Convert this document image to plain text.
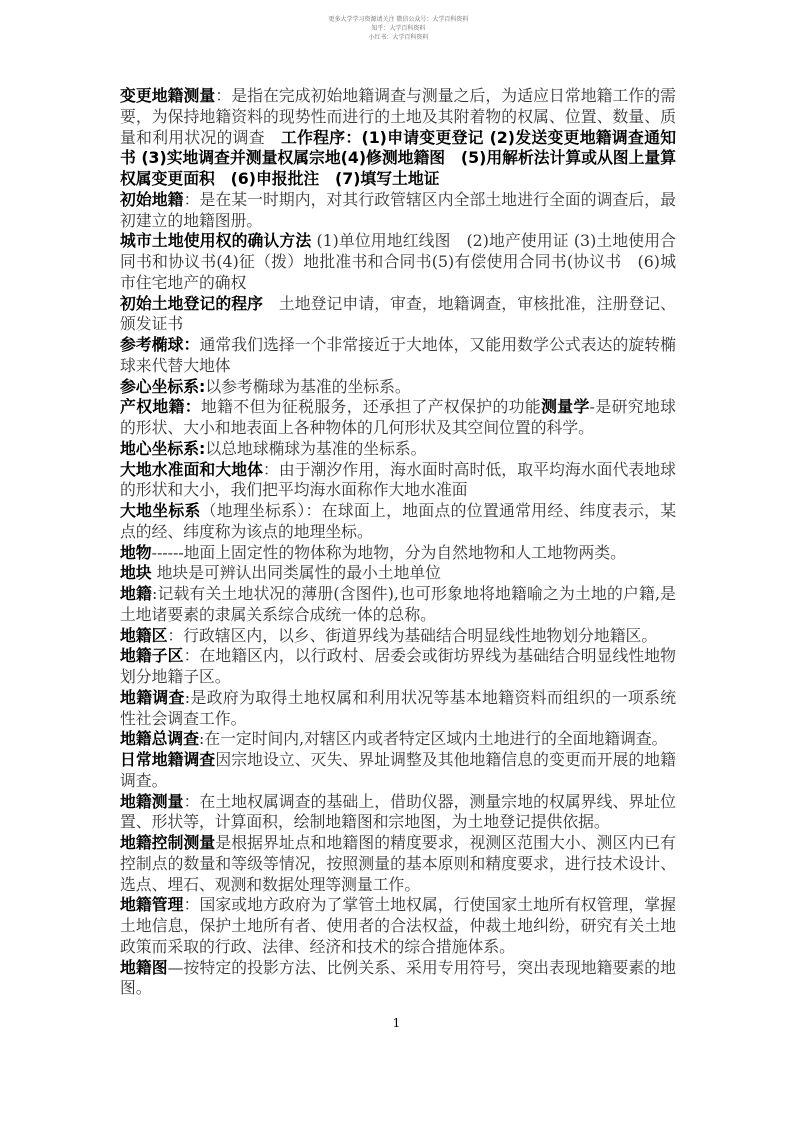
更多大学学习资源请关注 微信公众号：大学百科资料
知乎：大学百科资料
小红书：大学百科资料

变更地籍测量：是指在完成初始地籍调查与测量之后，为适应日常地籍工作的需要，为保持地籍资料的现势性而进行的土地及其附着物的权属、位置、数量、质量和利用状况的调查　工作程序：(1)申请变更登记 (2)发送变更地籍调查通知书 (3)实地调查并测量权属宗地(4)修测地籍图　(5)用解析法计算或从图上量算权属变更面积　(6)申报批注　(7)填写土地证

初始地籍：是在某一时期内，对其行政管辖区内全部土地进行全面的调查后，最初建立的地籍图册。

城市土地使用权的确认方法 (1)单位用地红线图　(2)地产使用证 (3)土地使用合同书和协议书(4)征（拨）地批准书和合同书(5)有偿使用合同书(协议书　(6)城市住宅地产的确权

初始土地登记的程序　土地登记申请，审查，地籍调查，审核批准，注册登记、颁发证书

参考椭球：通常我们选择一个非常接近于大地体，又能用数学公式表达的旋转椭球来代替大地体

参心坐标系:以参考椭球为基准的坐标系。

产权地籍：地籍不但为征税服务，还承担了产权保护的功能测量学-是研究地球的形状、大小和地表面上各种物体的几何形状及其空间位置的科学。

地心坐标系:以总地球椭球为基准的坐标系。

大地水准面和大地体：由于潮汐作用，海水面时高时低，取平均海水面代表地球的形状和大小，我们把平均海水面称作大地水准面

大地坐标系（地理坐标系）：在球面上，地面点的位置通常用经、纬度表示，某点的经、纬度称为该点的地理坐标。

地物------地面上固定性的物体称为地物，分为自然地物和人工地物两类。

地块 地块是可辨认出同类属性的最小土地单位

地籍:记载有关土地状况的薄册(含图件),也可形象地将地籍喻之为土地的户籍,是土地诸要素的隶属关系综合成统一体的总称。

地籍区：行政辖区内，以乡、街道界线为基础结合明显线性地物划分地籍区。

地籍子区：在地籍区内，以行政村、居委会或街坊界线为基础结合明显线性地物划分地籍子区。

地籍调查:是政府为取得土地权属和利用状况等基本地籍资料而组织的一项系统性社会调查工作。

地籍总调查:在一定时间内,对辖区内或者特定区域内土地进行的全面地籍调查。

日常地籍调查因宗地设立、灭失、界址调整及其他地籍信息的变更而开展的地籍调查。

地籍测量：在土地权属调查的基础上，借助仪器，测量宗地的权属界线、界址位置、形状等，计算面积，绘制地籍图和宗地图，为土地登记提供依据。

地籍控制测量是根据界址点和地籍图的精度要求，视测区范围大小、测区内已有控制点的数量和等级等情况，按照测量的基本原则和精度要求，进行技术设计、选点、埋石、观测和数据处理等测量工作。

地籍管理：国家或地方政府为了掌管土地权属，行使国家土地所有权管理，掌握土地信息，保护土地所有者、使用者的合法权益，仲裁土地纠纷，研究有关土地政策而采取的行政、法律、经济和技术的综合措施体系。

地籍图—按特定的投影方法、比例关系、采用专用符号，突出表现地籍要素的地图。

1
